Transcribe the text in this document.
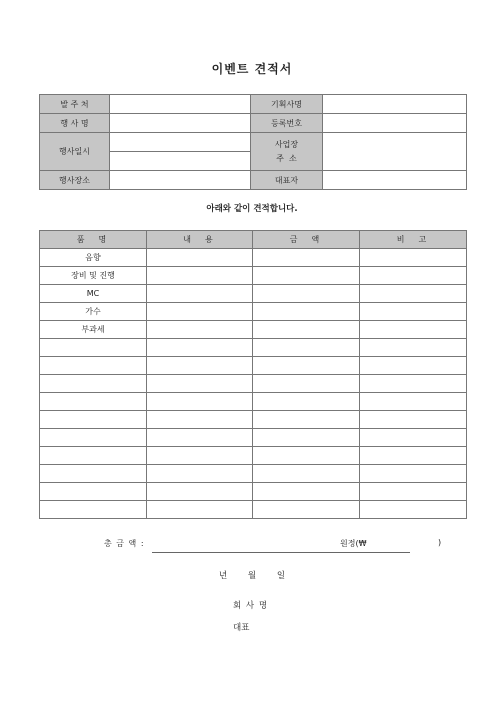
이벤트 견적서
발 주 처		기획사명	
행 사 명		등록번호	
행사일시		사업장
주  소	

행사장소		대표자	
아래와 같이 견적합니다.
품  명	내  용	금  액	비  고
음향			
장비 및 진행			
MC			
가수			
부과세			

총 금 액 :	원정(₩	)
년 월 일
회 사 명
대표
